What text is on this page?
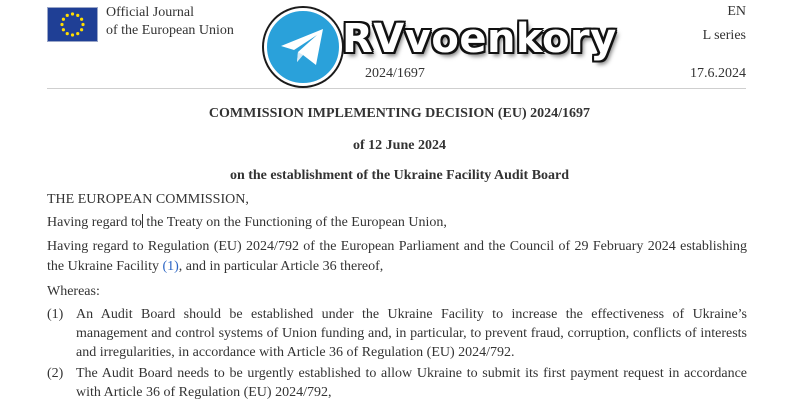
Official Journal
of the European Union
EN
L series
2024/1697	17.6.2024
RVvoenkory
COMMISSION IMPLEMENTING DECISION (EU) 2024/1697
of 12 June 2024
on the establishment of the Ukraine Facility Audit Board
THE EUROPEAN COMMISSION,
Having regard to the Treaty on the Functioning of the European Union,
Having regard to Regulation (EU) 2024/792 of the European Parliament and the Council of 29 February 2024 establishing the Ukraine Facility (1), and in particular Article 36 thereof,
Whereas:
(1) An Audit Board should be established under the Ukraine Facility to increase the effectiveness of Ukraine’s management and control systems of Union funding and, in particular, to prevent fraud, corruption, conflicts of interests and irregularities, in accordance with Article 36 of Regulation (EU) 2024/792.
(2) The Audit Board needs to be urgently established to allow Ukraine to submit its first payment request in accordance with Article 36 of Regulation (EU) 2024/792,
